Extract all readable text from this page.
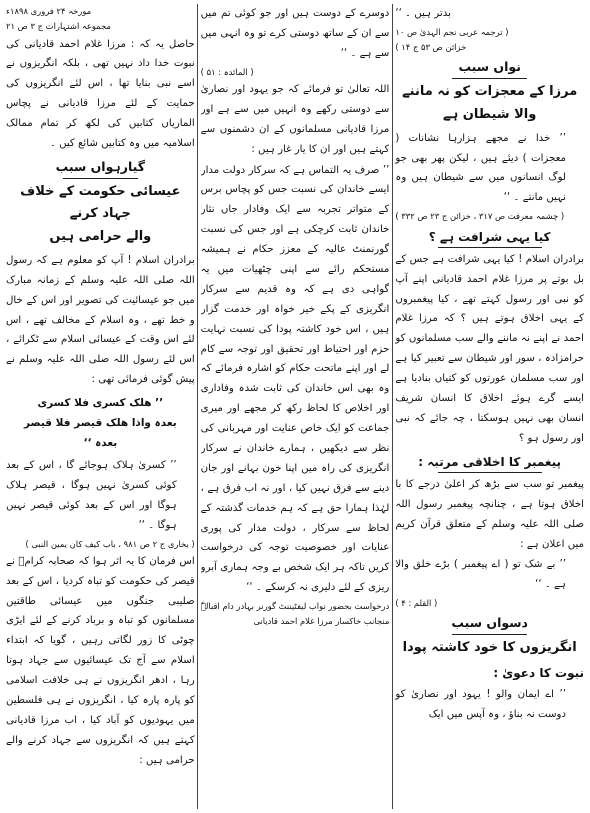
بدتر ہیں ۔ ‘‘

( ترجمہ عربی نجم الہدیٰ ص ۱۰

خزائن ص ۵۳ ج ۱۴ )

نواں سبب

مرزا کے معجزات کو نہ ماننے والا شیطان ہے

’’ خدا نے مجھے ہزارہا نشانات ( معجزات ) دیئے ہیں ، لیکن پھر بھی جو لوگ انسانوں میں سے شیطان ہیں وہ نہیں مانتے ۔ ‘‘

( چشمہ معرفت ص ۳۱۷ ، خزائن ج ۲۳ ص ۳۳۲ )

کیا یہی شرافت ہے ؟

برادران اسلام ! کیا یہی شرافت ہے جس کے بل بوتے پر مرزا غلام احمد قادیانی اپنے آپ کو نبی اور رسول کہتے تھے ، کیا پیغمبروں کے یہی اخلاق ہوتے ہیں ؟ کہ مرزا غلام احمد نے اپنے نہ ماننے والے سب مسلمانوں کو حرامزادہ ، سور اور شیطان سے تعبیر کیا ہے اور سب مسلمان عورتوں کو کتیاں بنادیا ہے ایسے گرے ہوئے اخلاق کا انسان شریف انسان بھی نہیں ہوسکتا ، چہ جائے کہ نبی اور رسول ہو ؟

پیغمبر کا اخلاقی مرتبہ :

پیغمبر تو سب سے بڑھ کر اعلیٰ درجے کا با اخلاق ہوتا ہے ، چنانچہ پیغمبر رسول اللہ صلی اللہ علیہ وسلم کے متعلق قرآن کریم میں اعلان ہے :

’’ بے شک تو ( اے پیغمبر ) بڑے خلق والا ہے ۔ ‘‘

( القلم : ۴ )

دسواں سبب

انگریزوں کا خود کاشتہ پودا

نبوت کا دعویٰ :

’’ اے ایمان والو ! یہود اور نصاریٰ کو دوست نہ بناؤ ، وہ آپس میں ایک

دوسرے کے دوست ہیں اور جو کوئی تم میں سے ان کے ساتھ دوستی کرے تو وہ انہی میں سے ہے ۔ ‘‘

( المائدہ : ۵۱ )

اللہ تعالیٰ تو فرمائے کہ جو یہود اور نصاریٰ سے دوستی رکھے وہ انہیں میں سے ہے اور مرزا قادیانی مسلمانوں کے ان دشمنوں سے کہتے ہیں اور ان کا یار غار ہیں :

’’ صرف یہ التماس ہے کہ سرکار دولت مدار ایسے خاندان کی نسبت جس کو پچاس برس کے متواتر تجربہ سے ایک وفادار جاں نثار خاندان ثابت کرچکی ہے اور جس کی نسبت گورنمنٹ عالیہ کے معزز حکام نے ہمیشہ مستحکم رائے سے اپنی چٹھیات میں یہ گواہی دی ہے کہ وہ قدیم سے سرکار انگریزی کے پکے خیر خواہ اور خدمت گزار ہیں ، اس خود کاشتہ پودا کی نسبت نہایت حزم اور احتیاط اور تحقیق اور توجہ سے کام لے اور اپنے ماتحت حکام کو اشارہ فرمائے کہ وہ بھی اس خاندان کی ثابت شدہ وفاداری اور اخلاص کا لحاظ رکھ کر مجھے اور میری جماعت کو ایک خاص عنایت اور مہربانی کی نظر سے دیکھیں ، ہمارے خاندان نے سرکار انگریزی کی راہ میں اپنا خون بہانے اور جان دینے سے فرق نہیں کیا ، اور نہ اب فرق ہے ، لہٰذا ہمارا حق ہے کہ ہم خدمات گذشتہ کے لحاظ سے سرکار ، دولت مدار کی پوری عنایات اور خصوصیت توجہ کی درخواست کریں تاکہ ہر ایک شخص بے وجہ ہماری آبرو ریزی کے لئے دلیری نہ کرسکے ۔ ‘‘

درخواست بحضور نواب لیفٹیننٹ گورنر بہادر دام اقبالہٗ

منجانب خاکسار مرزا غلام احمد قادیانی

مورخہ ۲۴ فروری ۱۸۹۸ء

مجموعہ اشتہارات ج ۳ ص ۲۱

حاصل یہ کہ : مرزا غلام احمد قادیانی کی نبوت خدا داد نہیں تھی ، بلکہ انگریزوں نے اسے نبی بنایا تھا ، اس لئے انگریزوں کی حمایت کے لئے مرزا قادیانی نے پچاس الماریاں کتابیں کی لکھ کر تمام ممالک اسلامیہ میں وہ کتابیں شائع کیں ۔

گیارہواں سبب

عیسائی حکومت کے خلاف جہاد کرنے

والے حرامی ہیں

برادران اسلام ! آپ کو معلوم ہے کہ رسول اللہ صلی اللہ علیہ وسلم کے زمانہ مبارک میں جو عیسائیت کی تصویر اور اس کے خال و خط تھے ، وہ اسلام کے مخالف تھے ، اس لئے اس وقت کے عیسائی اسلام سے ٹکرائے ، اس لئے رسول اللہ صلی اللہ علیہ وسلم نے پیش گوئی فرمائی تھی :

’’ ھلک کسری فلا کسری

بعدہ واذا ھلک قیصر فلا قیصر

بعدہ ‘‘

’’ کسریٰ ہلاک ہوجائے گا ، اس کے بعد کوئی کسریٰ نہیں ہوگا ، قیصر ہلاک ہوگا اور اس کے بعد کوئی قیصر نہیں ہوگا ۔ ‘‘

( بخاری ج ۲ ص ۹۸۱ ، باب کیف کان یمین النبی )

اس فرمان کا یہ اثر ہوا کہ صحابہ کرامؓ نے قیصر کی حکومت کو تباہ کردیا ، اس کے بعد صلیبی جنگوں میں عیسائی طاقتیں مسلمانوں کو تباہ و برباد کرنے کے لئے ایڑی چوٹی کا زور لگاتی رہیں ، گویا کہ ابتداء اسلام سے آج تک عیسائیوں سے جہاد ہوتا رہا ، ادھر انگریزوں نے ہی خلافت اسلامی کو پارہ پارہ کیا ، انگریزوں نے ہی فلسطین میں یہودیوں کو آباد کیا ، اب مرزا قادیانی کہتے ہیں کہ انگریزوں سے جہاد کرنے والے حرامی ہیں :
